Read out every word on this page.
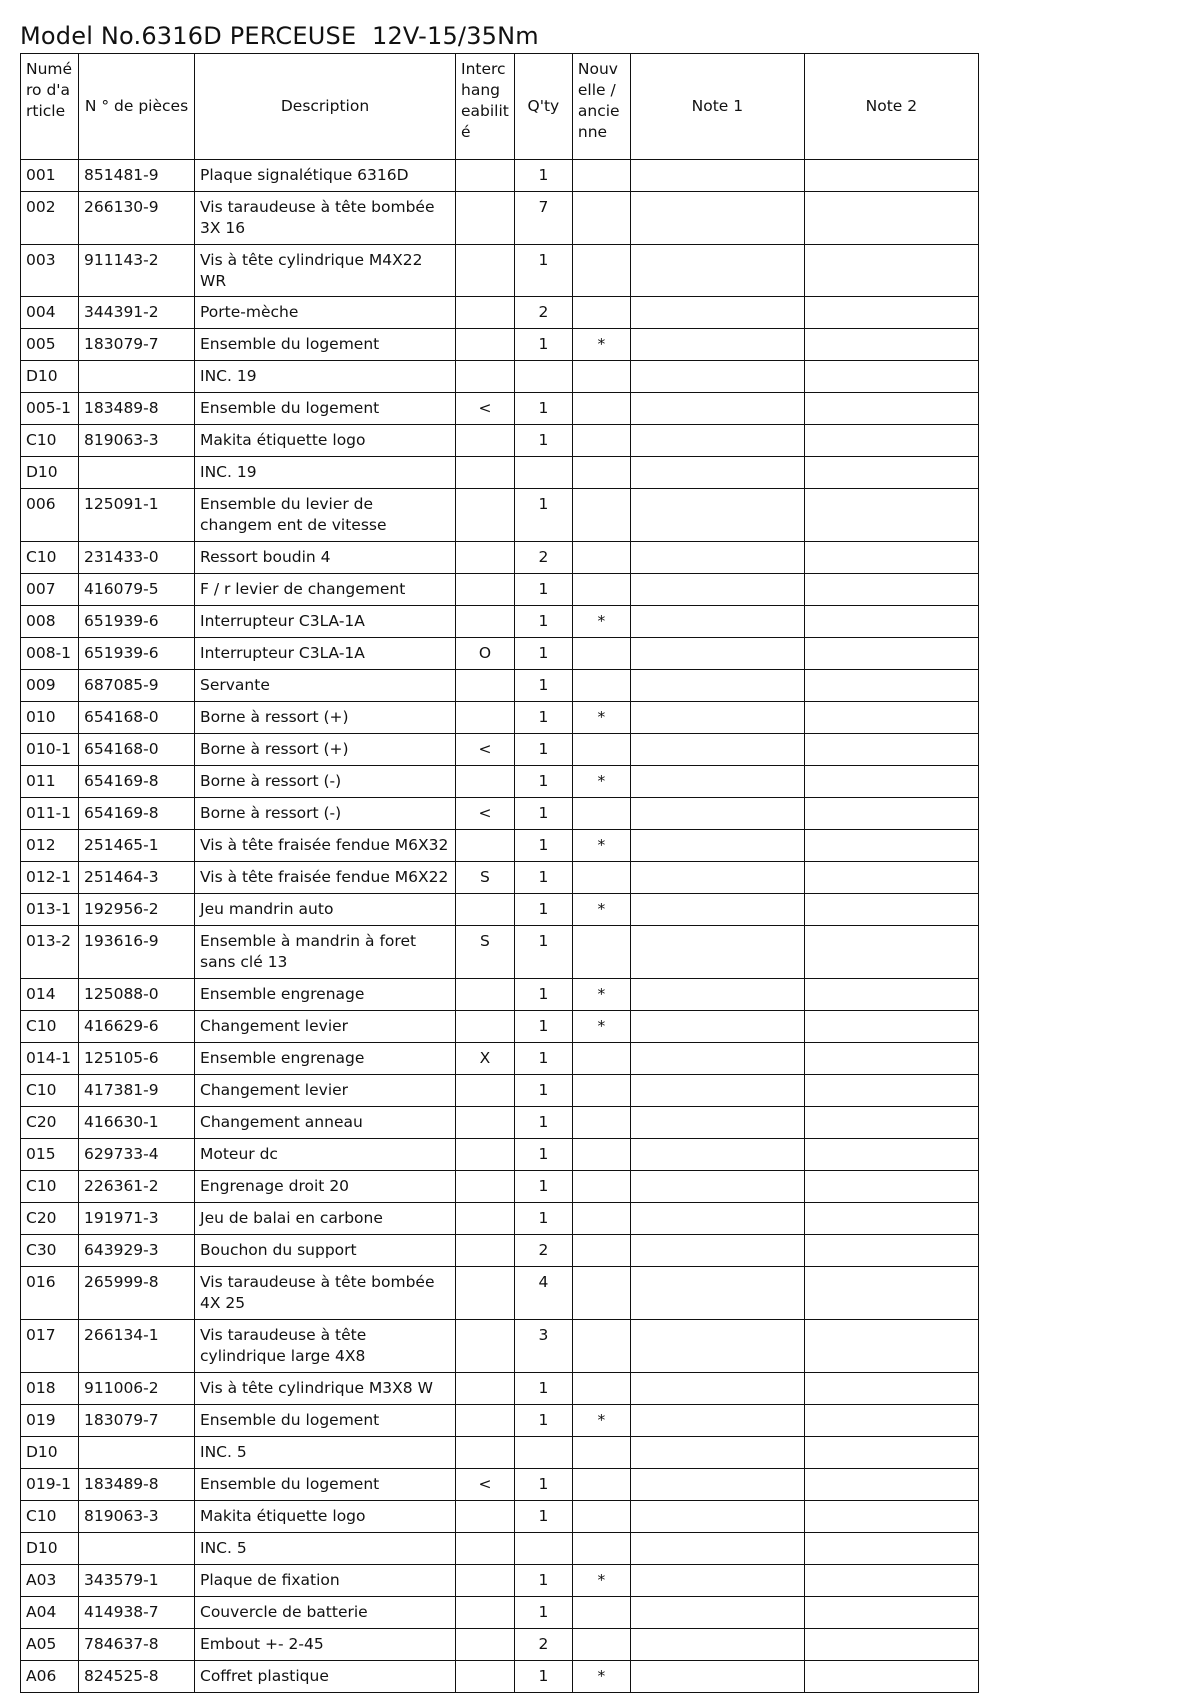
Model No.6316D PERCEUSE  12V-15/35Nm
Numé ro d'a rticle	N ° de pièces	Description	Interc hang eabilit é	Q'ty	Nouv elle / ancie nne	Note 1	Note 2
001	851481-9	Plaque signalétique 6316D		1			
002	266130-9	Vis taraudeuse à tête bombée 3X 16		7			
003	911143-2	Vis à tête cylindrique M4X22 WR		1			
004	344391-2	Porte-mèche		2			
005	183079-7	Ensemble du logement		1	*		
D10		INC. 19					
005-1	183489-8	Ensemble du logement	<	1			
C10	819063-3	Makita étiquette logo		1			
D10		INC. 19					
006	125091-1	Ensemble du levier de changem ent de vitesse		1			
C10	231433-0	Ressort boudin 4		2			
007	416079-5	F / r levier de changement		1			
008	651939-6	Interrupteur C3LA-1A		1	*		
008-1	651939-6	Interrupteur C3LA-1A	O	1			
009	687085-9	Servante		1			
010	654168-0	Borne à ressort (+)		1	*		
010-1	654168-0	Borne à ressort (+)	<	1			
011	654169-8	Borne à ressort (-)		1	*		
011-1	654169-8	Borne à ressort (-)	<	1			
012	251465-1	Vis à tête fraisée fendue M6X32		1	*		
012-1	251464-3	Vis à tête fraisée fendue M6X22	S	1			
013-1	192956-2	Jeu mandrin auto		1	*		
013-2	193616-9	Ensemble à mandrin à foret sans clé 13	S	1			
014	125088-0	Ensemble engrenage		1	*		
C10	416629-6	Changement levier		1	*		
014-1	125105-6	Ensemble engrenage	X	1			
C10	417381-9	Changement levier		1			
C20	416630-1	Changement anneau		1			
015	629733-4	Moteur dc		1			
C10	226361-2	Engrenage droit 20		1			
C20	191971-3	Jeu de balai en carbone		1			
C30	643929-3	Bouchon du support		2			
016	265999-8	Vis taraudeuse à tête bombée 4X 25		4			
017	266134-1	Vis taraudeuse à tête cylindrique large 4X8		3			
018	911006-2	Vis à tête cylindrique M3X8 W		1			
019	183079-7	Ensemble du logement		1	*		
D10		INC. 5					
019-1	183489-8	Ensemble du logement	<	1			
C10	819063-3	Makita étiquette logo		1			
D10		INC. 5					
A03	343579-1	Plaque de fixation		1	*		
A04	414938-7	Couvercle de batterie		1			
A05	784637-8	Embout +- 2-45		2			
A06	824525-8	Coffret plastique		1	*		
